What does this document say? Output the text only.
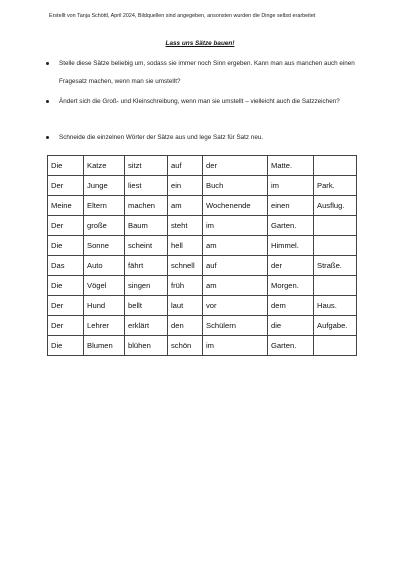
Erstellt von Tanja Schöttl, April 2024, Bildquellen sind angegeben, ansonsten wurden die Dinge selbst erarbeitet
Lass uns Sätze bauen!
Stelle diese Sätze beliebig um, sodass sie immer noch Sinn ergeben. Kann man aus manchen auch einen Fragesatz machen, wenn man sie umstellt?
Ändert sich die Groß- und Kleinschreibung, wenn man sie umstellt – vielleicht auch die Satzzeichen?
Schneide die einzelnen Wörter der Sätze aus und lege Satz für Satz neu.
Die	Katze	sitzt	auf	der	Matte.	
Der	Junge	liest	ein	Buch	im	Park.
Meine	Eltern	machen	am	Wochenende	einen	Ausflug.
Der	große	Baum	steht	im	Garten.	
Die	Sonne	scheint	hell	am	Himmel.	
Das	Auto	fährt	schnell	auf	der	Straße.
Die	Vögel	singen	früh	am	Morgen.	
Der	Hund	bellt	laut	vor	dem	Haus.
Der	Lehrer	erklärt	den	Schülern	die	Aufgabe.
Die	Blumen	blühen	schön	im	Garten.	
